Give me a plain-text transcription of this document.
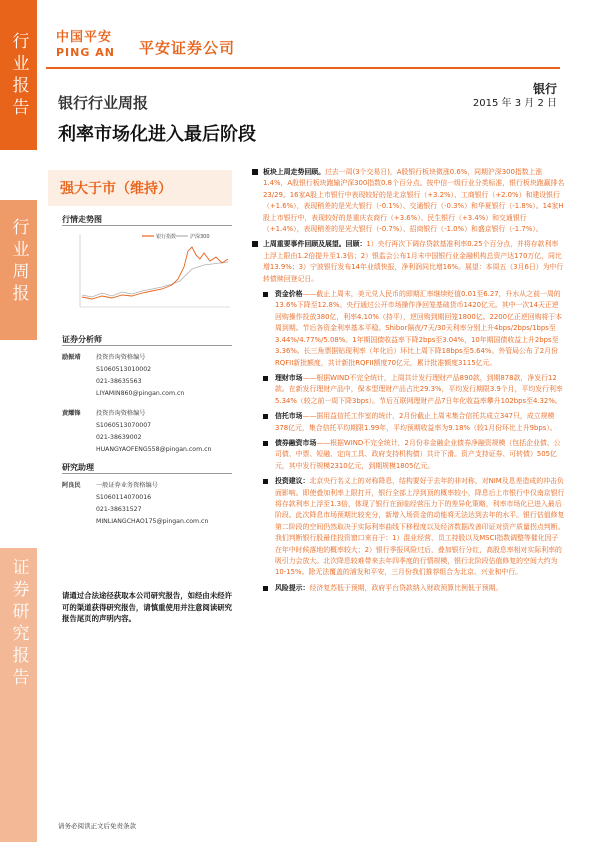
行业报告
行业周报
证券研究报告
中国平安
PING AN 平安证券公司
银行
2015 年 3 月 2 日
银行行业周报
利率市场化进入最后阶段
强大于市（维持）
行情走势图
银行指数	沪深300
证券分析师
励振靖	投资咨询资格编号
S1060513010002
021-38635563
LIYAMIN860@pingan.com.cn
黄耀锋	投资咨询资格编号
S1060513070007
021-38639002
HUANGYAOFENG558@pingan.com.cn
研究助理
阿良民	一般证券业务资格编号
S1060114070016
021-38631527
MINLIANGCHAO175@pingan.com.cn
请通过合法途径获取本公司研究报告，如经由未经许可的渠道获得研究报告，请慎重使用并注意阅读研究报告尾页的声明内容。
板块上周走势回顾。过去一周(3个交易日)，A股银行板块微涨0.6%，同期沪深300指数上涨1.4%，A股银行板块跑输沪深300指数0.8个百分点。按中信一级行业分类标准，银行板块跑赢排名23/29。16家A股上市银行中表现较好的是北京银行（+3.2%）、工商银行（+2.0%）和建设银行（+1.6%），表现稍差的是光大银行（-0.1%）、交通银行（-0.3%）和华夏银行（-1.8%）。14家H股上市银行中，表现较好的是重庆农商行（+3.6%）、民生银行（+3.4%）和交通银行（+1.4%），表现稍差的是光大银行（-0.7%）、招商银行（-1.0%）和盛京银行（-1.7%）。
上周重要事件回顾及展望。回顾：1）央行再次下调存贷款基准利率0.25个百分点，并将存款利率上浮上限由1.2倍提升至1.3倍；2）银监会公布1月末中国银行业金融机构总资产达170万亿，同比增13.9%；3）宁波银行发布14年业绩快报，净利润同比增16%。展望：本周五（3月6日）为中行转债赎回登记日。
资金价格——截止上周末，美元兑人民币的即期汇率继续贬值0.01至6.27，升水从之前一周的13.6%下降至12.8%。央行通过公开市场操作净回笼基础货币1420亿元。其中一次14天正逆回购操作投放380亿，利率4.10%（持平），逆回购到期回笼1800亿。2200亿正逆回购将于本周到期。节后各资金利率基本平稳。Shibor隔夜/7天/30天利率分别上升4bps/2bps/1bps至3.44%/4.77%/5.08%。1年期国债收益率下降2bps至3.04%，10年期国债收益上升2bps至3.36%。长三角票据贴现利率（年化后）环比上周下降18bps至5.64%。外管局公布了2月份RQFII新批额度，共计新批RQFII额度70亿元，累计批准额度3115亿元。
理财市场——根据WIND不完全统计，上周共计发行理财产品890款，到期878款，净发行12款。在新发行理财产品中，保本型理财产品占比29.3%，平均发行期限3.9个月，平均发行利率5.34%（较之前一周下降3bps）。节后互联网理财产品7日年化收益率攀升102bps至4.32%。
信托市场——据用益信托工作室的统计，2月份截止上周末集合信托共成立347只，成立规模378亿元，集合信托平均期限1.99年，平均预期收益率为9.18%（较1月份环比上升9bps）。
债券融资市场——根据WIND不完全统计，2月份非金融企业债券净融资规模（包括企业债、公司债、中票、短融、定向工具、政府支持机构债）共计下滑。资产支持证券、可转债）505亿元，其中发行规模2310亿元，到期规模1805亿元。
投资建议：北京央行名义上的对称降息，结构要好于去年的非对称，对NIM及息差造成的冲击负面影响。即使叠加利率上限打开，银行全部上浮到顶的概率较小，降息后上市银行中仅南京银行将存款利率上浮至1.3倍，体现了银行在面临经营压力下的差异化策略，利率市场化已进入最后阶段。此次降息市场预期比较充分，新增入场资金的动能将无法达到去年的水平。银行估值修复第二阶段的空间仍然取决于实际利率曲线下移程度以及经济数据改善印证对资产质量拐点判断。我们判断银行股最佳投资窗口来自于：1）混业经营、员工持股以及MSCI指数调整等催化因子在年中时候落地的概率较大；2）银行季报风险过后，叠加银行分红，高股息率相对实际利率的吸引力会放大。北次降息较难带来去年四季度的行情规模，银行北阶段估值修复的空间大约为10-15%。除无法覆盖的浦发和平安，三月份我们推荐组合为北京、兴业和中行。
风险提示：经济复苏低于预期，政府平台贷款纳入财政预算比例低于预期。
请务必阅读正文后免责条款
